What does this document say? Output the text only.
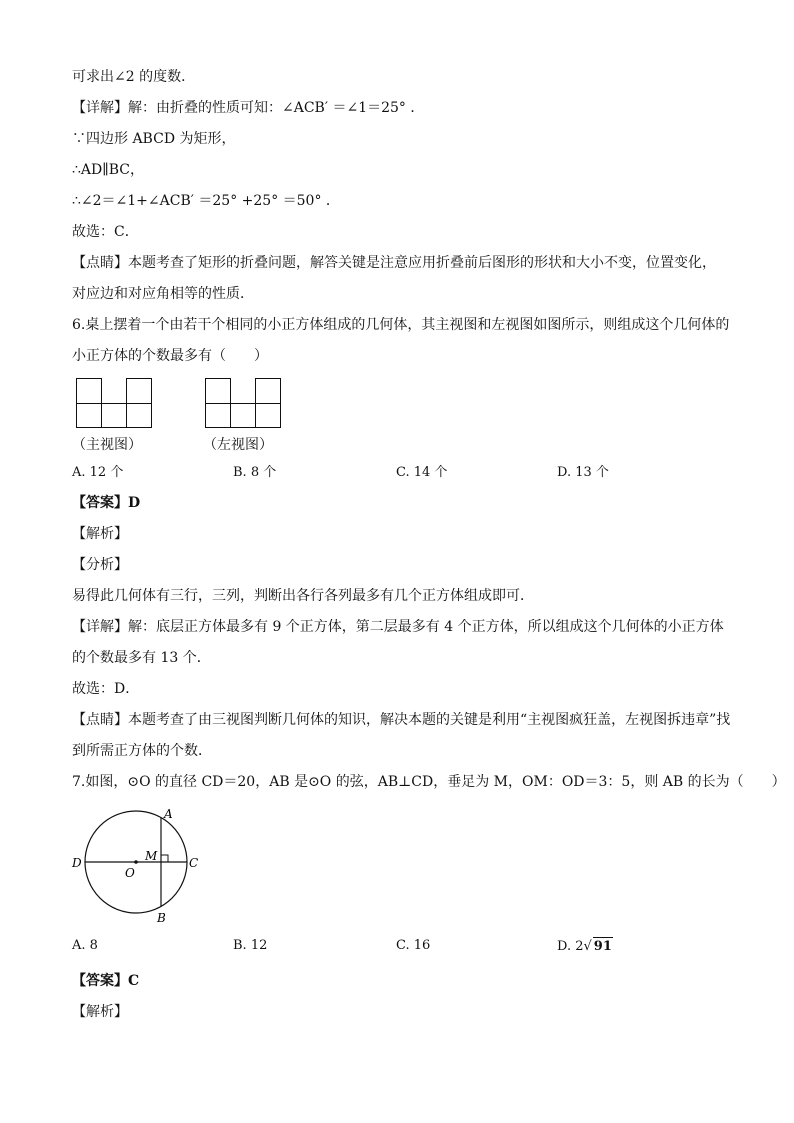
可求出∠2 的度数．
【详解】解：由折叠的性质可知：∠ACB′ ＝∠1＝25° ．
∵四边形 ABCD 为矩形，
∴AD∥BC，
∴∠2＝∠1+∠ACB′ ＝25° +25° ＝50° ．
故选：C．
【点睛】本题考查了矩形的折叠问题，解答关键是注意应用折叠前后图形的形状和大小不变，位置变化，
对应边和对应角相等的性质．
6.桌上摆着一个由若干个相同的小正方体组成的几何体，其主视图和左视图如图所示，则组成这个几何体的
小正方体的个数最多有（　　）
（主视图）	（左视图）
A. 12 个	B. 8 个	C. 14 个	D. 13 个
【答案】D
【解析】
【分析】
易得此几何体有三行，三列，判断出各行各列最多有几个正方体组成即可．
【详解】解：底层正方体最多有 9 个正方体，第二层最多有 4 个正方体，所以组成这个几何体的小正方体
的个数最多有 13 个．
故选：D．
【点睛】本题考查了由三视图判断几何体的知识，解决本题的关键是利用“主视图疯狂盖，左视图拆违章”找
到所需正方体的个数．
7.如图，⊙O 的直径 CD＝20，AB 是⊙O 的弦，AB⊥CD，垂足为 M，OM：OD＝3：5，则 AB 的长为（　　）
A
B
C
D
O
M
A. 8	B. 12	C. 16	D. 2√ 91
【答案】C
【解析】
